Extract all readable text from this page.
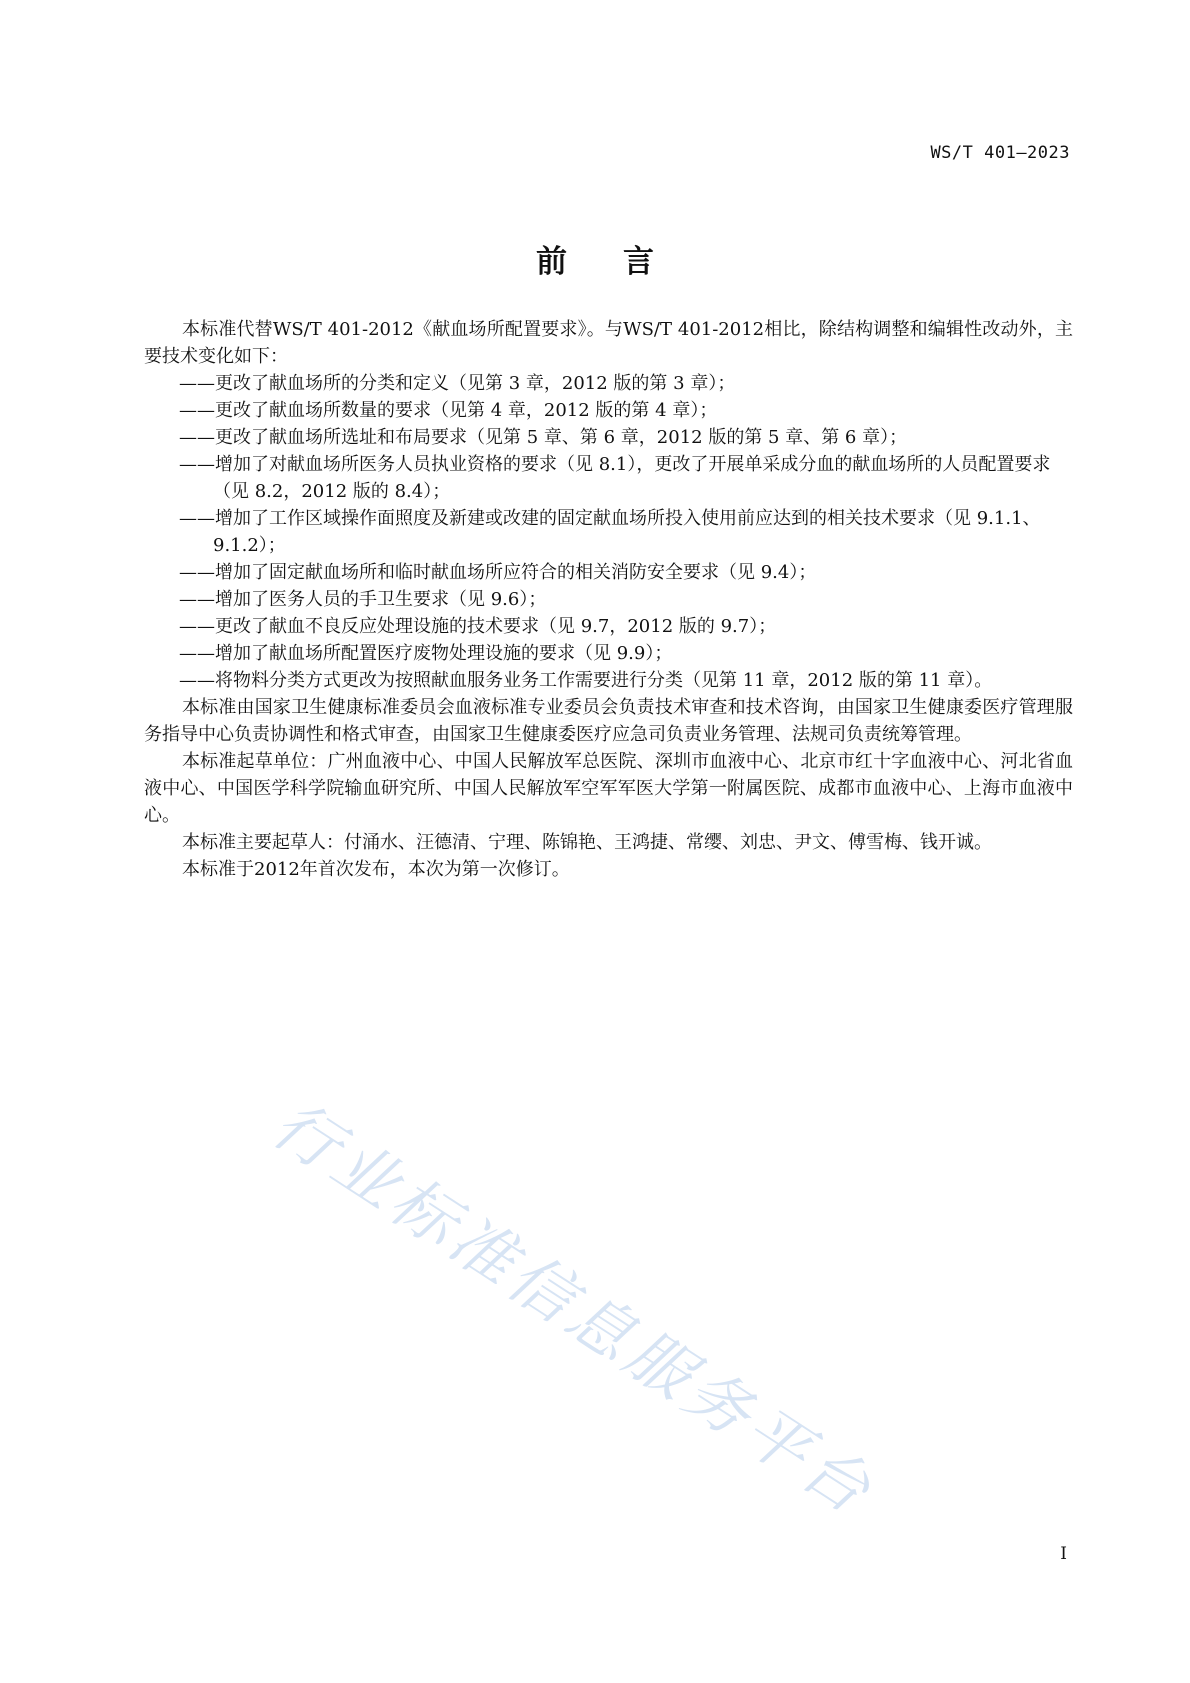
WS/T 401—2023
前言

本标准代替WS/T 401-2012《献血场所配置要求》。与WS/T 401-2012相比，除结构调整和编辑性改动外，主要技术变化如下：

——更改了献血场所的分类和定义（见第 3 章，2012 版的第 3 章）；
——更改了献血场所数量的要求（见第 4 章，2012 版的第 4 章）；
——更改了献血场所选址和布局要求（见第 5 章、第 6 章，2012 版的第 5 章、第 6 章）；
——增加了对献血场所医务人员执业资格的要求（见 8.1），更改了开展单采成分血的献血场所的人员配置要求（见 8.2，2012 版的 8.4）；
——增加了工作区域操作面照度及新建或改建的固定献血场所投入使用前应达到的相关技术要求（见 9.1.1、9.1.2）；
——增加了固定献血场所和临时献血场所应符合的相关消防安全要求（见 9.4）；
——增加了医务人员的手卫生要求（见 9.6）；
——更改了献血不良反应处理设施的技术要求（见 9.7，2012 版的 9.7）；
——增加了献血场所配置医疗废物处理设施的要求（见 9.9）；
——将物料分类方式更改为按照献血服务业务工作需要进行分类（见第 11 章，2012 版的第 11 章）。

本标准由国家卫生健康标准委员会血液标准专业委员会负责技术审查和技术咨询，由国家卫生健康委医疗管理服务指导中心负责协调性和格式审查，由国家卫生健康委医疗应急司负责业务管理、法规司负责统筹管理。

本标准起草单位：广州血液中心、中国人民解放军总医院、深圳市血液中心、北京市红十字血液中心、河北省血液中心、中国医学科学院输血研究所、中国人民解放军空军军医大学第一附属医院、成都市血液中心、上海市血液中心。

本标准主要起草人：付涌水、汪德清、宁理、陈锦艳、王鸿捷、常缨、刘忠、尹文、傅雪梅、钱开诚。

本标准于2012年首次发布，本次为第一次修订。

行业标准信息服务平台
I
